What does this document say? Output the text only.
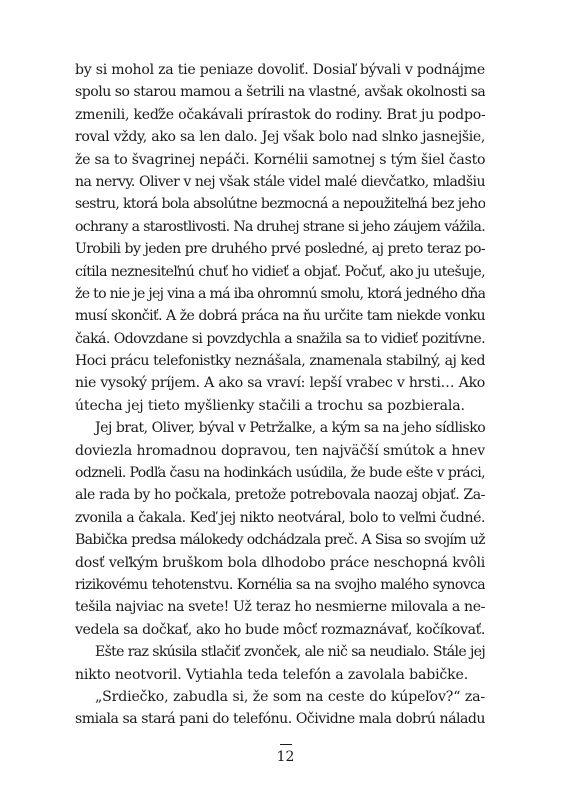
by si mohol za tie peniaze dovoliť. Dosiaľ bývali v podnájme
spolu so starou mamou a šetrili na vlastné, avšak okolnosti sa
zmenili, keďže očakávali prírastok do rodiny. Brat ju podpo-
roval vždy, ako sa len dalo. Jej však bolo nad slnko jasnejšie,
že sa to švagrinej nepáči. Kornélii samotnej s tým šiel často
na nervy. Oliver v nej však stále videl malé dievčatko, mladšiu
sestru, ktorá bola absolútne bezmocná a nepoužiteľná bez jeho
ochrany a starostlivosti. Na druhej strane si jeho záujem vážila.
Urobili by jeden pre druhého prvé posledné, aj preto teraz po-
cítila neznesiteľnú chuť ho vidieť a objať. Počuť, ako ju utešuje,
že to nie je jej vina a má iba ohromnú smolu, ktorá jedného dňa
musí skončiť. A že dobrá práca na ňu určite tam niekde vonku
čaká. Odovzdane si povzdychla a snažila sa to vidieť pozitívne.
Hoci prácu telefonistky neznášala, znamenala stabilný, aj keď
nie vysoký príjem. A ako sa vraví: lepší vrabec v hrsti… Ako
útecha jej tieto myšlienky stačili a trochu sa pozbierala.
Jej brat, Oliver, býval v Petržalke, a kým sa na jeho sídlisko
doviezla hromadnou dopravou, ten najväčší smútok a hnev
odzneli. Podľa času na hodinkách usúdila, že bude ešte v práci,
ale rada by ho počkala, pretože potrebovala naozaj objať. Za-
zvonila a čakala. Keď jej nikto neotváral, bolo to veľmi čudné.
Babička predsa málokedy odchádzala preč. A Sisa so svojím už
dosť veľkým bruškom bola dlhodobo práce neschopná kvôli
rizikovému tehotenstvu. Kornélia sa na svojho malého synovca
tešila najviac na svete! Už teraz ho nesmierne milovala a ne-
vedela sa dočkať, ako ho bude môcť rozmaznávať, kočíkovať.
Ešte raz skúsila stlačiť zvonček, ale nič sa neudialo. Stále jej
nikto neotvoril. Vytiahla teda telefón a zavolala babičke.
„Srdiečko, zabudla si, že som na ceste do kúpeľov?“ za-
smiala sa stará pani do telefónu. Očividne mala dobrú náladu
12
